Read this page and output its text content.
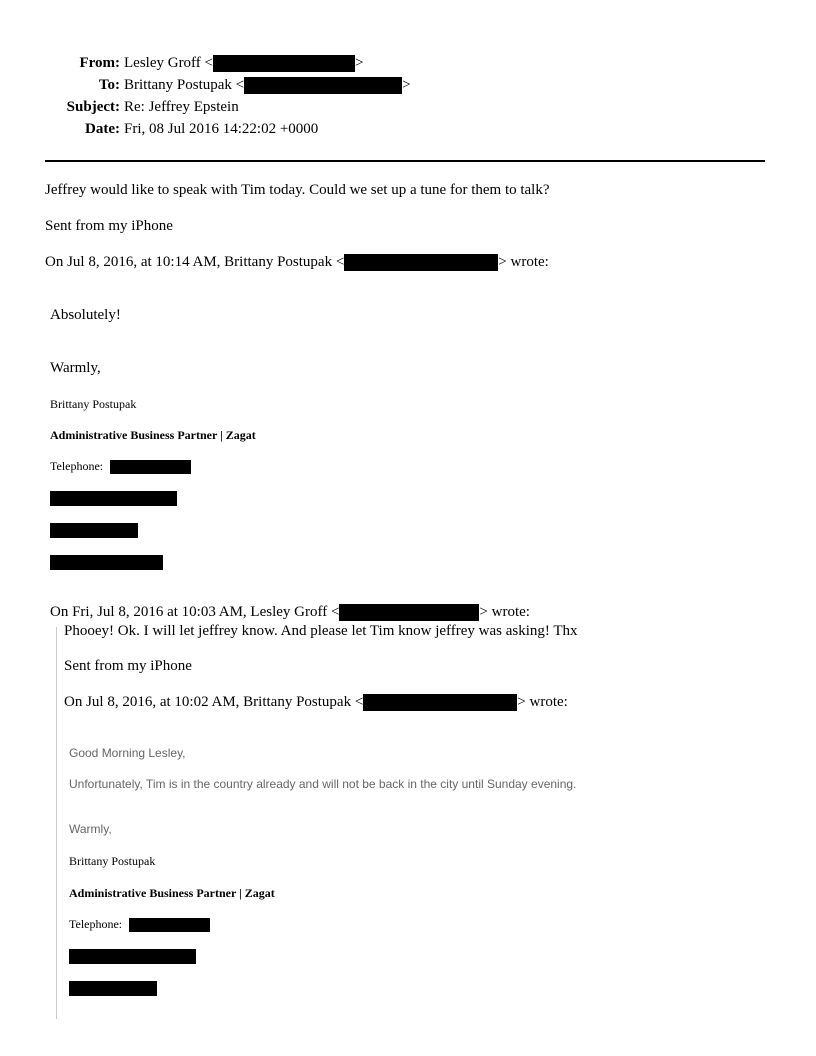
From: Lesley Groff <	>
To: Brittany Postupak <	>
Subject: Re: Jeffrey Epstein
Date: Fri, 08 Jul 2016 14:22:02 +0000
Jeffrey would like to speak with Tim today. Could we set up a tune for them to talk?
Sent from my iPhone
On Jul 8, 2016, at 10:14 AM, Brittany Postupak <	> wrote:
Absolutely!
Warmly,
Brittany Postupak
Administrative Business Partner | Zagat
Telephone:
On Fri, Jul 8, 2016 at 10:03 AM, Lesley Groff <	> wrote:
Phooey! Ok. I will let jeffrey know. And please let Tim know jeffrey was asking! Thx
Sent from my iPhone
On Jul 8, 2016, at 10:02 AM, Brittany Postupak <	> wrote:
Good Morning Lesley,
Unfortunately, Tim is in the country already and will not be back in the city until Sunday evening.
Warmly,
Brittany Postupak
Administrative Business Partner | Zagat
Telephone:
